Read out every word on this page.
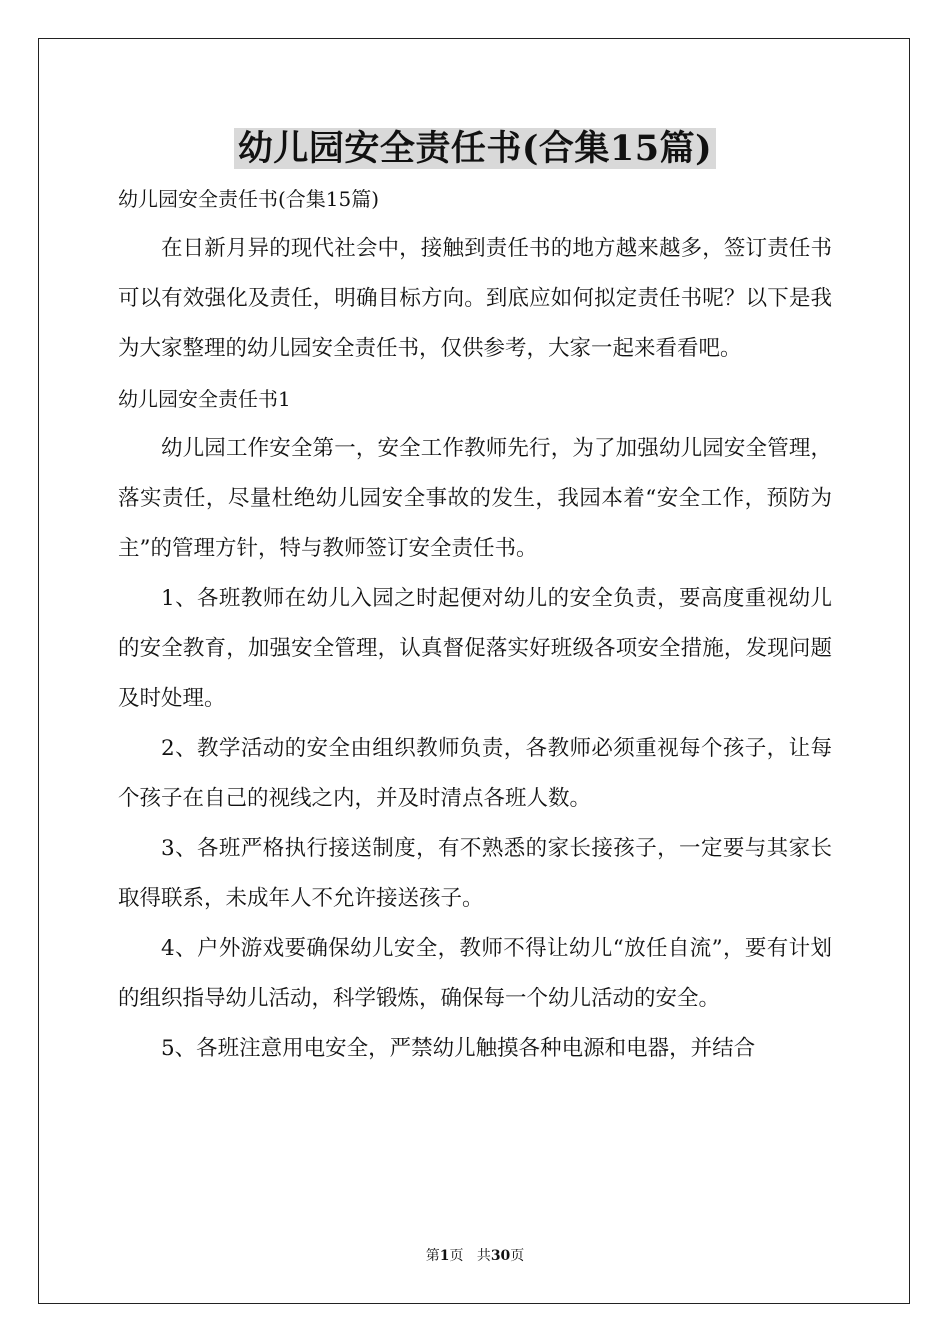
幼儿园安全责任书(合集15篇)

幼儿园安全责任书(合集15篇)

在日新月异的现代社会中，接触到责任书的地方越来越多，签订责任书可以有效强化及责任，明确目标方向。到底应如何拟定责任书呢？以下是我为大家整理的幼儿园安全责任书，仅供参考，大家一起来看看吧。

幼儿园安全责任书1

幼儿园工作安全第一，安全工作教师先行，为了加强幼儿园安全管理，落实责任，尽量杜绝幼儿园安全事故的发生，我园本着“安全工作，预防为主”的管理方针，特与教师签订安全责任书。

1、各班教师在幼儿入园之时起便对幼儿的安全负责，要高度重视幼儿的安全教育，加强安全管理，认真督促落实好班级各项安全措施，发现问题及时处理。

2、教学活动的安全由组织教师负责，各教师必须重视每个孩子，让每个孩子在自己的视线之内，并及时清点各班人数。

3、各班严格执行接送制度，有不熟悉的家长接孩子，一定要与其家长取得联系，未成年人不允许接送孩子。

4、户外游戏要确保幼儿安全，教师不得让幼儿“放任自流”，要有计划的组织指导幼儿活动，科学锻炼，确保每一个幼儿活动的安全。

5、各班注意用电安全，严禁幼儿触摸各种电源和电器，并结合

第1页 共30页
